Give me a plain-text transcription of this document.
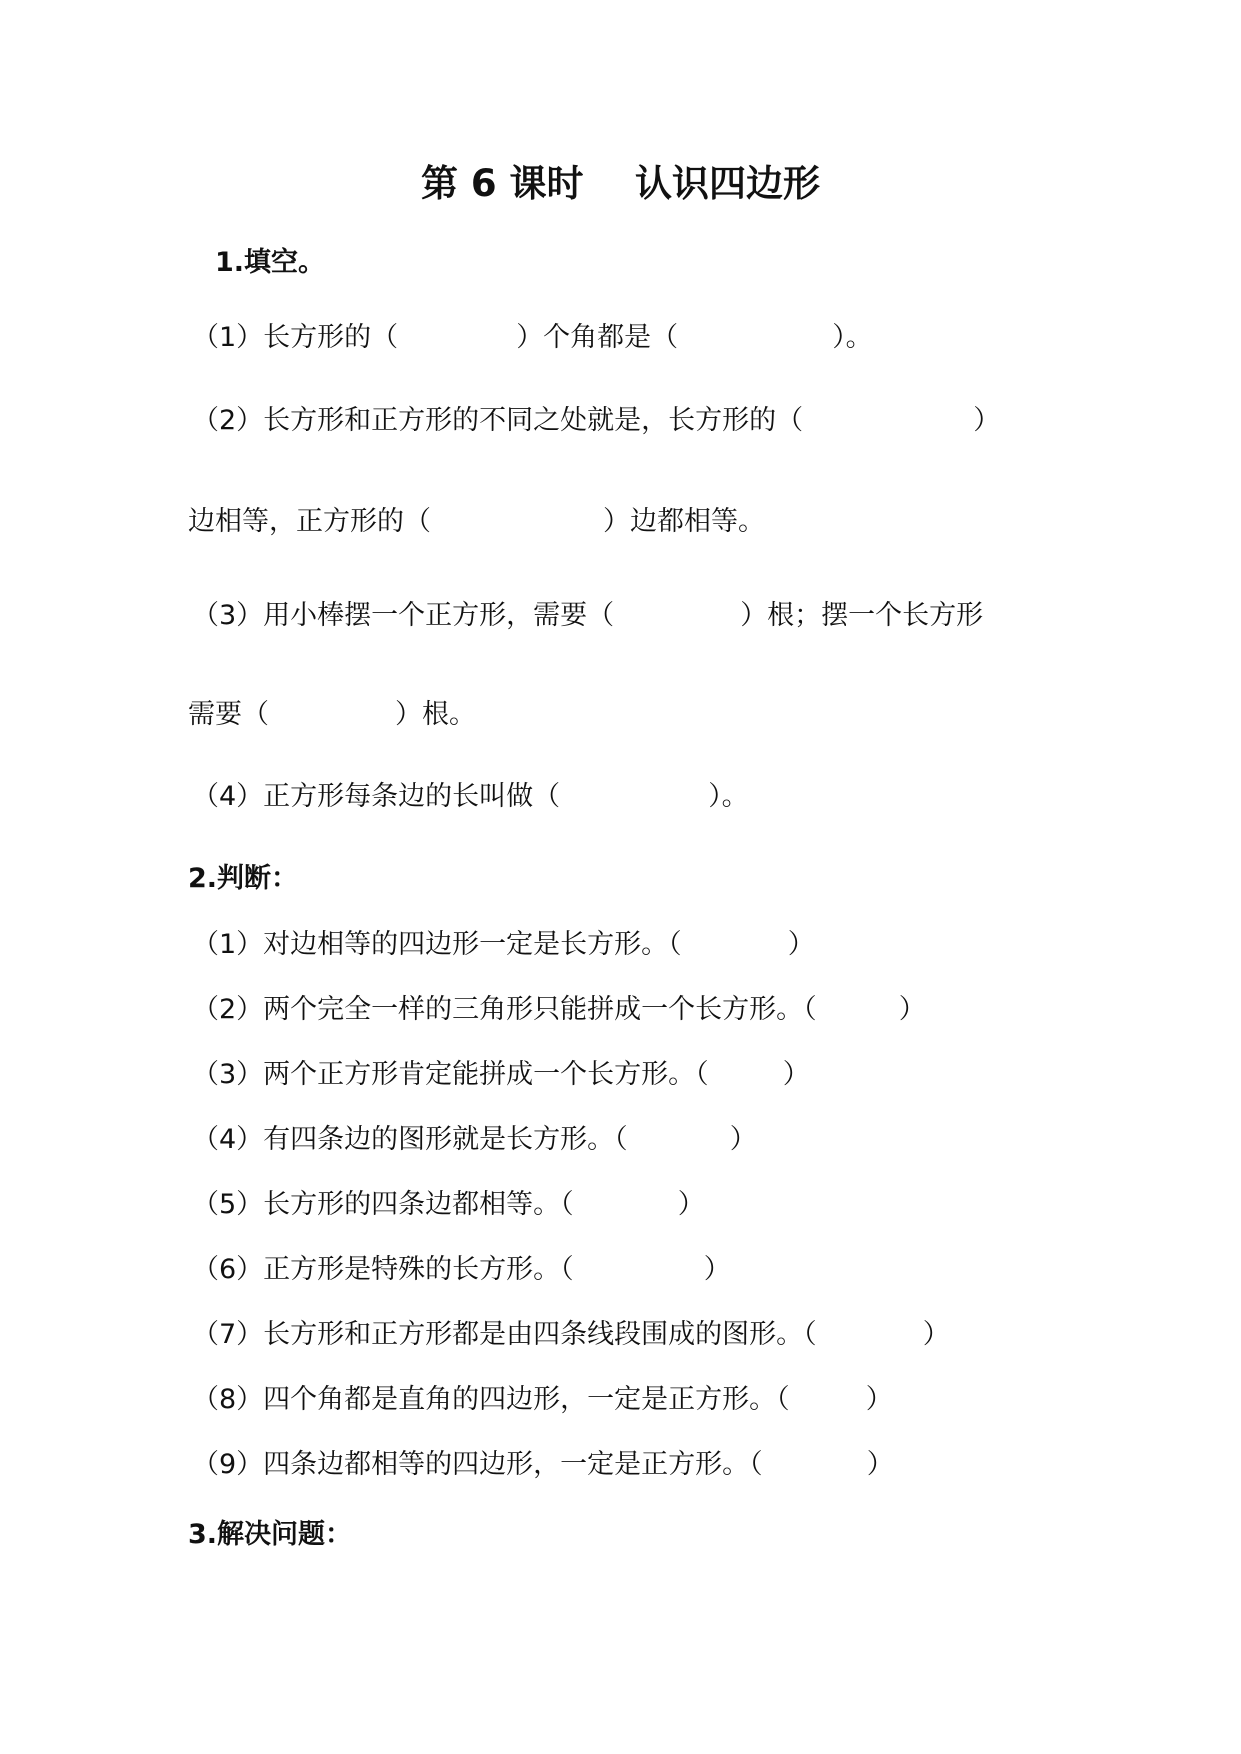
第 6 课时    认识四边形
1.填空。
（1）长方形的（	）个角都是（	）。
（2）长方形和正方形的不同之处就是，长方形的（	）
边相等，正方形的（	）边都相等。
（3）用小棒摆一个正方形，需要（	）根；摆一个长方形
需要（	）根。
（4）正方形每条边的长叫做（	）。
2.判断：
（1）对边相等的四边形一定是长方形。（	）
（2）两个完全一样的三角形只能拼成一个长方形。（	）
（3）两个正方形肯定能拼成一个长方形。（	）
（4）有四条边的图形就是长方形。（	）
（5）长方形的四条边都相等。（	）
（6）正方形是特殊的长方形。（	）
（7）长方形和正方形都是由四条线段围成的图形。（	）
（8）四个角都是直角的四边形，一定是正方形。（	）
（9）四条边都相等的四边形，一定是正方形。（	）
3.解决问题：
